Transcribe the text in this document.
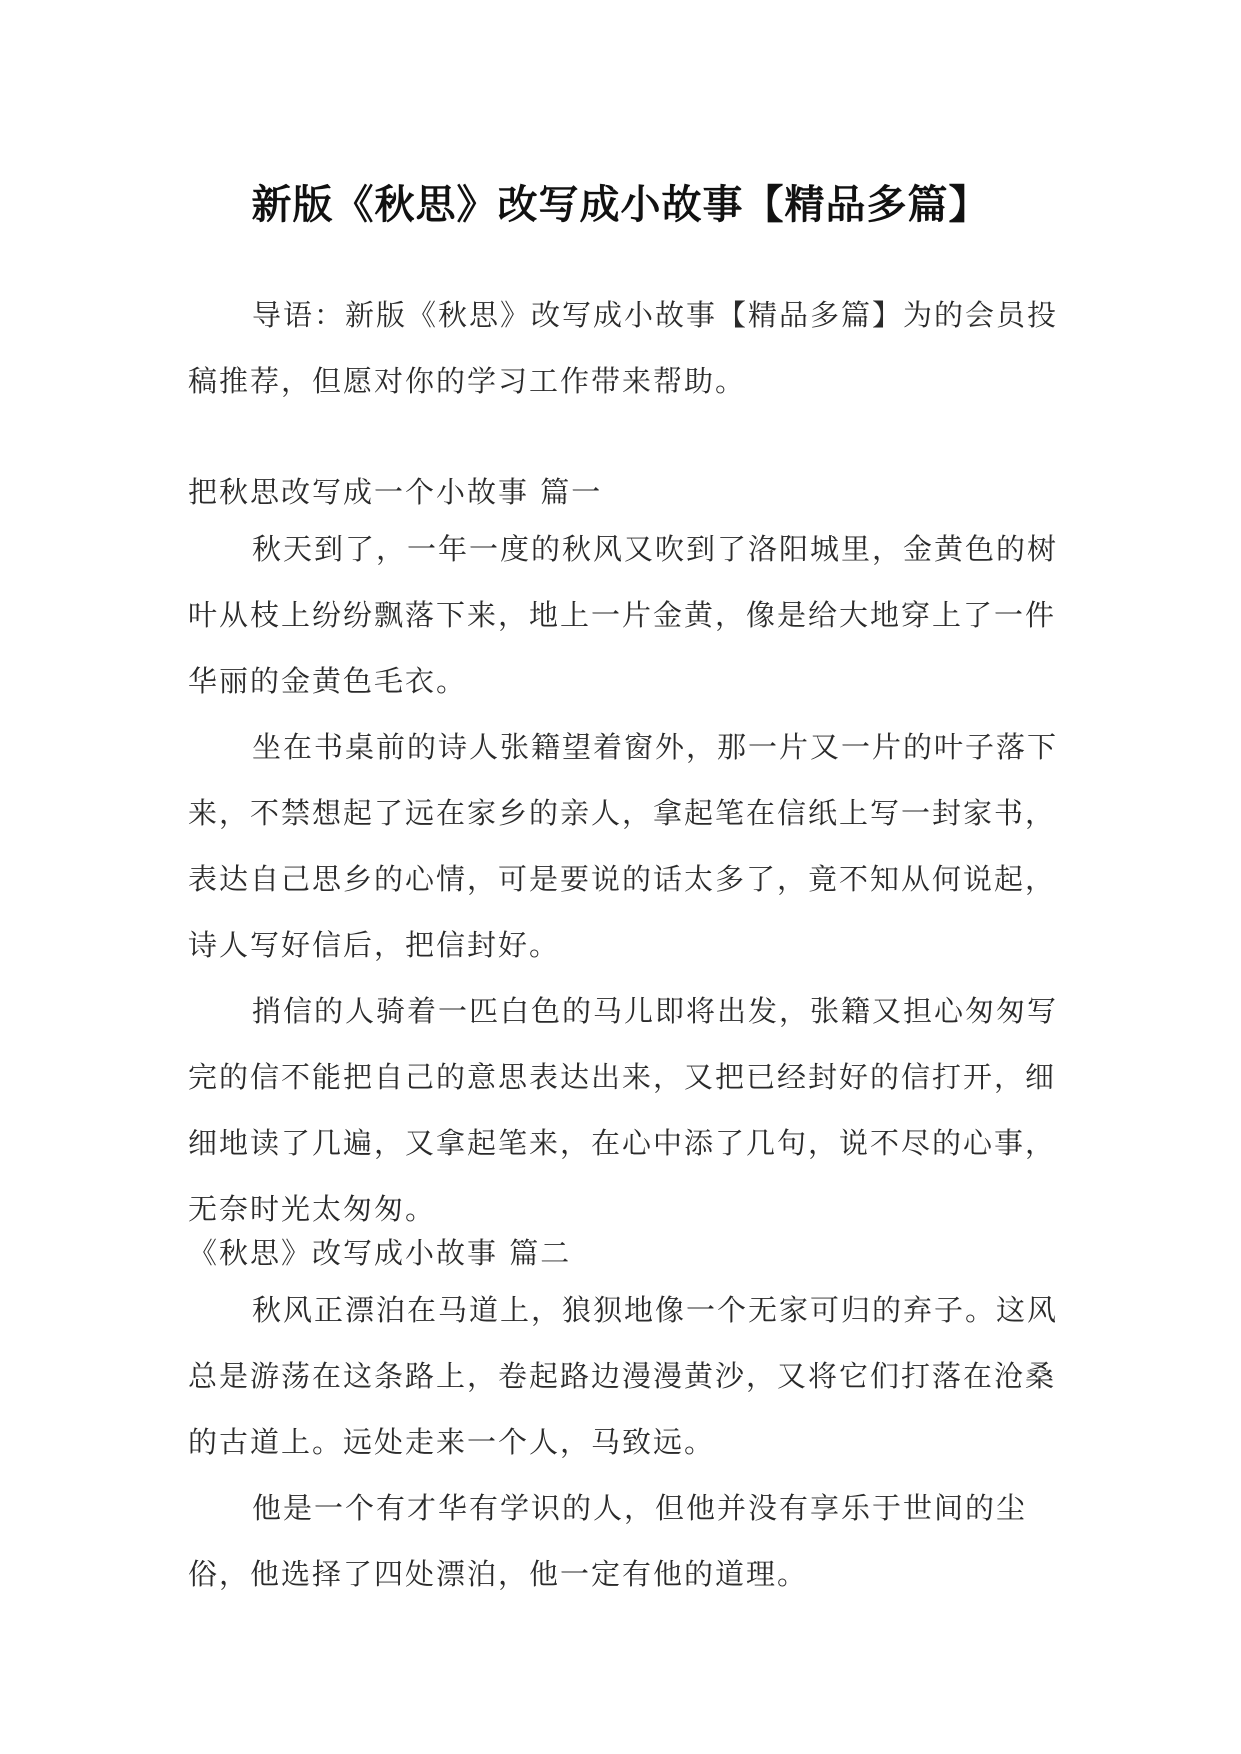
新版《秋思》改写成小故事【精品多篇】

导语：新版《秋思》改写成小故事【精品多篇】为的会员投稿推荐，但愿对你的学习工作带来帮助。

把秋思改写成一个小故事 篇一

秋天到了，一年一度的秋风又吹到了洛阳城里，金黄色的树叶从枝上纷纷飘落下来，地上一片金黄，像是给大地穿上了一件华丽的金黄色毛衣。

坐在书桌前的诗人张籍望着窗外，那一片又一片的叶子落下来，不禁想起了远在家乡的亲人，拿起笔在信纸上写一封家书，表达自己思乡的心情，可是要说的话太多了，竟不知从何说起，诗人写好信后，把信封好。

捎信的人骑着一匹白色的马儿即将出发，张籍又担心匆匆写完的信不能把自己的意思表达出来，又把已经封好的信打开，细细地读了几遍，又拿起笔来，在心中添了几句，说不尽的心事，无奈时光太匆匆。

《秋思》改写成小故事 篇二

秋风正漂泊在马道上，狼狈地像一个无家可归的弃子。这风总是游荡在这条路上，卷起路边漫漫黄沙，又将它们打落在沧桑的古道上。远处走来一个人，马致远。

他是一个有才华有学识的人，但他并没有享乐于世间的尘俗，他选择了四处漂泊，他一定有他的道理。
